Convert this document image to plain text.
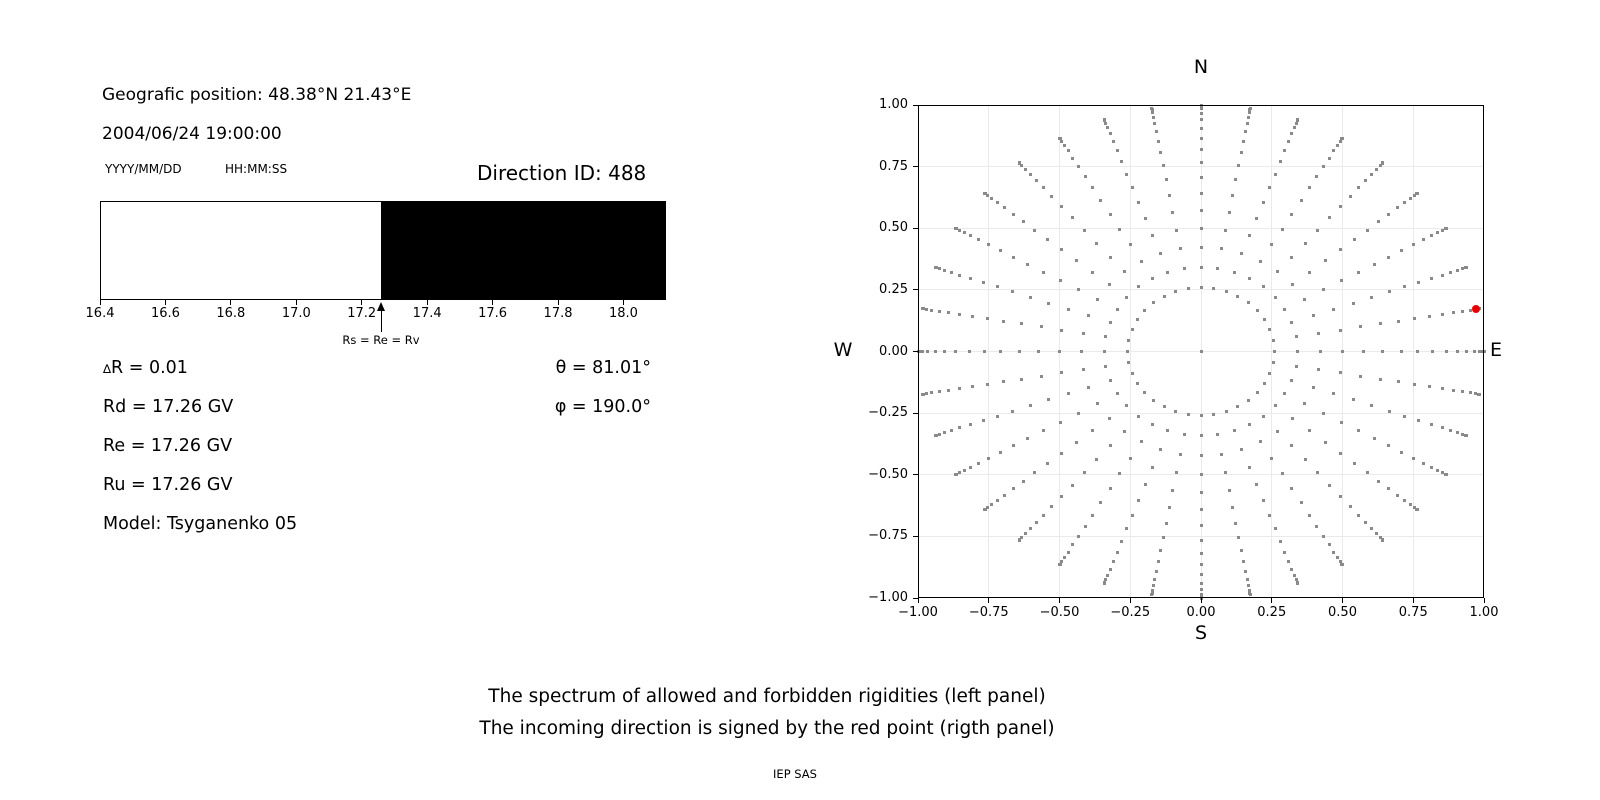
Geografic position: 48.38°N 21.43°E
2004/06/24 19:00:00
YYYY/MM/DD	HH:MM:SS	Direction ID: 488
16.4	16.6	16.8	17.0	17.2	17.4	17.6	17.8	18.0
Rs = Re = Rv
∆R = 0.01
Rd = 17.26 GV
Re = 17.26 GV
Ru = 17.26 GV
Model: Tsyganenko 05
θ = 81.01°
φ = 190.0°
−1.00 −0.75 −0.50 −0.25	0.00	0.25	0.50	0.75	1.00
1.00
0.75
0.50
0.25
0.00
−0.25
−0.50
−0.75
−1.00
N
S
W	E
The spectrum of allowed and forbidden rigidities (left panel)
The incoming direction is signed by the red point (rigth panel)
IEP SAS
